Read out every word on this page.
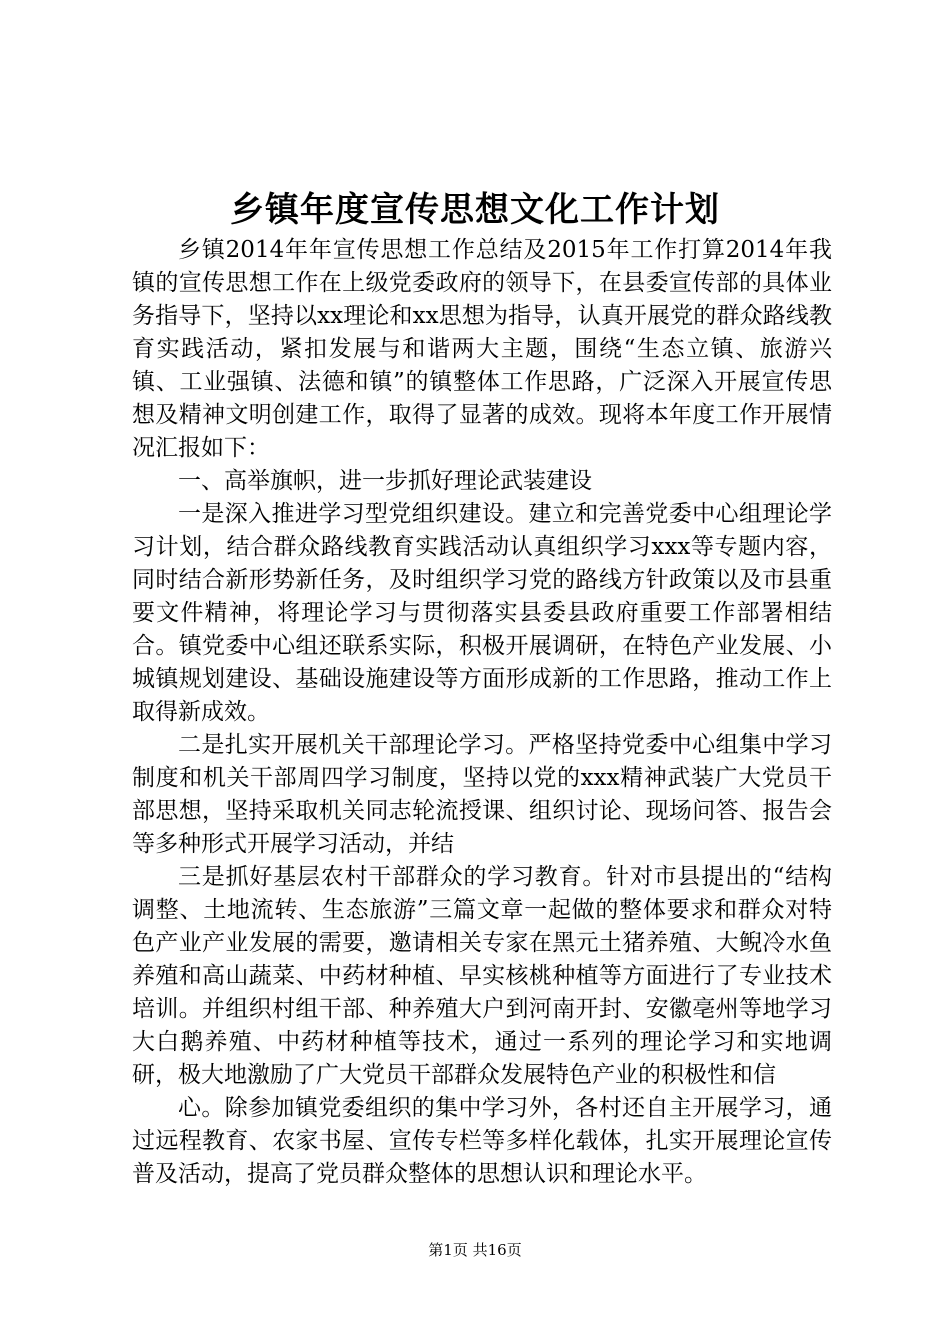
乡镇年度宣传思想文化工作计划

乡镇2014年年宣传思想工作总结及2015年工作打算2014年我镇的宣传思想工作在上级党委政府的领导下，在县委宣传部的具体业务指导下，坚持以xx理论和xx思想为指导，认真开展党的群众路线教育实践活动，紧扣发展与和谐两大主题，围绕“生态立镇、旅游兴镇、工业强镇、法德和镇”的镇整体工作思路，广泛深入开展宣传思想及精神文明创建工作，取得了显著的成效。现将本年度工作开展情况汇报如下：

一、高举旗帜，进一步抓好理论武装建设

一是深入推进学习型党组织建设。建立和完善党委中心组理论学习计划，结合群众路线教育实践活动认真组织学习xxx等专题内容，同时结合新形势新任务，及时组织学习党的路线方针政策以及市县重要文件精神，将理论学习与贯彻落实县委县政府重要工作部署相结合。镇党委中心组还联系实际，积极开展调研，在特色产业发展、小城镇规划建设、基础设施建设等方面形成新的工作思路，推动工作上取得新成效。

二是扎实开展机关干部理论学习。严格坚持党委中心组集中学习制度和机关干部周四学习制度，坚持以党的xxx精神武装广大党员干部思想，坚持采取机关同志轮流授课、组织讨论、现场问答、报告会等多种形式开展学习活动，并结

三是抓好基层农村干部群众的学习教育。针对市县提出的“结构调整、土地流转、生态旅游”三篇文章一起做的整体要求和群众对特色产业产业发展的需要，邀请相关专家在黑元土猪养殖、大鲵冷水鱼养殖和高山蔬菜、中药材种植、早实核桃种植等方面进行了专业技术培训。并组织村组干部、种养殖大户到河南开封、安徽亳州等地学习大白鹅养殖、中药材种植等技术，通过一系列的理论学习和实地调研，极大地激励了广大党员干部群众发展特色产业的积极性和信

心。除参加镇党委组织的集中学习外，各村还自主开展学习，通过远程教育、农家书屋、宣传专栏等多样化载体，扎实开展理论宣传普及活动，提高了党员群众整体的思想认识和理论水平。

第1页 共16页
